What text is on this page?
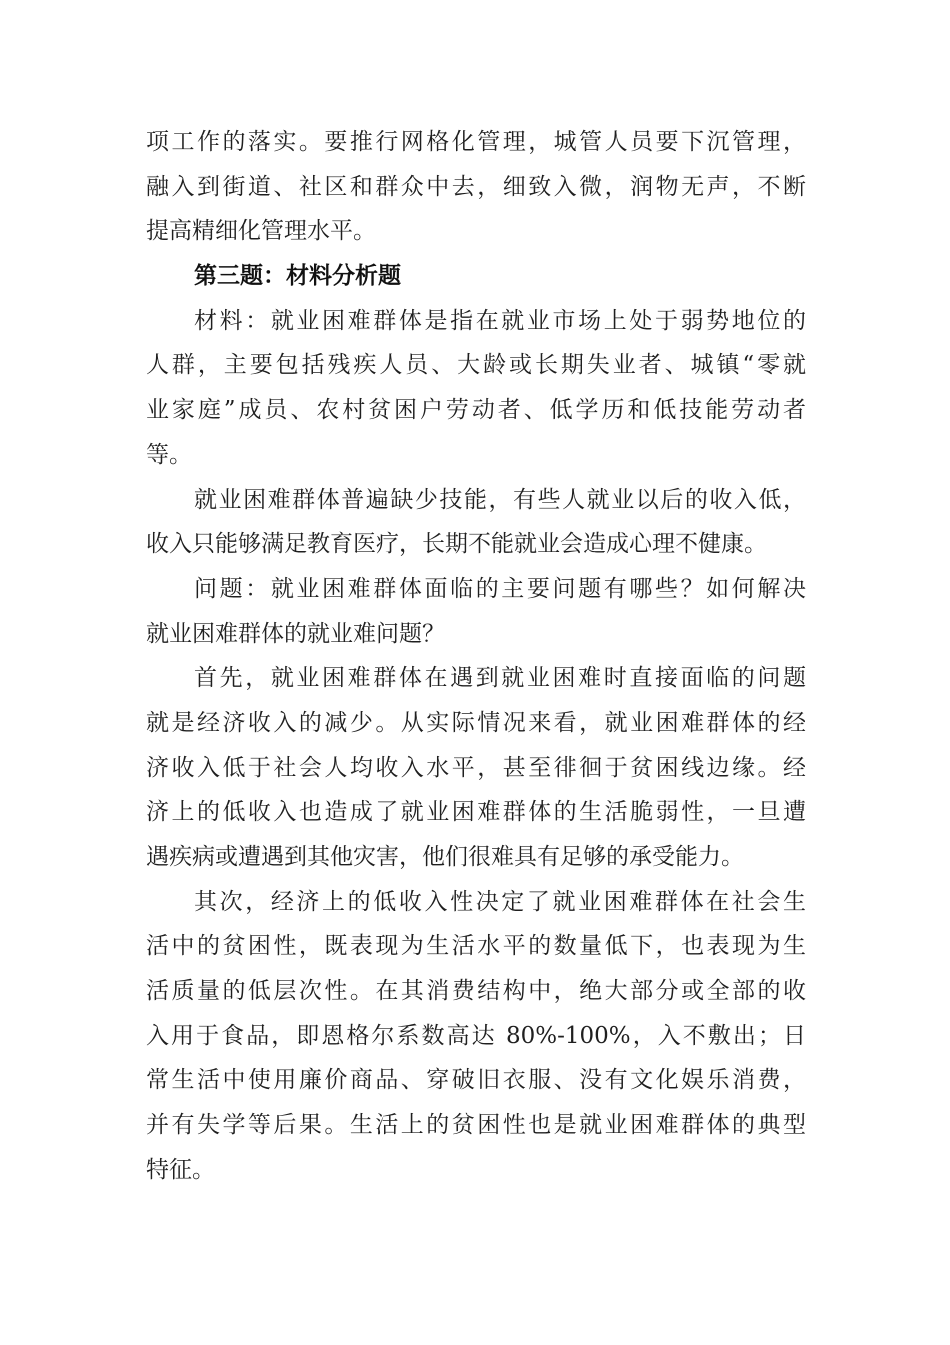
项工作的落实。要推行网格化管理，城管人员要下沉管理，
融入到街道、社区和群众中去，细致入微，润物无声，不断
提高精细化管理水平。
第三题：材料分析题
材料：就业困难群体是指在就业市场上处于弱势地位的
人群，主要包括残疾人员、大龄或长期失业者、城镇“零就
业家庭”成员、农村贫困户劳动者、低学历和低技能劳动者
等。
就业困难群体普遍缺少技能，有些人就业以后的收入低，
收入只能够满足教育医疗，长期不能就业会造成心理不健康。
问题：就业困难群体面临的主要问题有哪些？如何解决
就业困难群体的就业难问题？
首先，就业困难群体在遇到就业困难时直接面临的问题
就是经济收入的减少。从实际情况来看，就业困难群体的经
济收入低于社会人均收入水平，甚至徘徊于贫困线边缘。经
济上的低收入也造成了就业困难群体的生活脆弱性，一旦遭
遇疾病或遭遇到其他灾害，他们很难具有足够的承受能力。
其次，经济上的低收入性决定了就业困难群体在社会生
活中的贫困性，既表现为生活水平的数量低下，也表现为生
活质量的低层次性。在其消费结构中，绝大部分或全部的收
入用于食品，即恩格尔系数高达 80%-100%，入不敷出；日
常生活中使用廉价商品、穿破旧衣服、没有文化娱乐消费，
并有失学等后果。生活上的贫困性也是就业困难群体的典型
特征。
